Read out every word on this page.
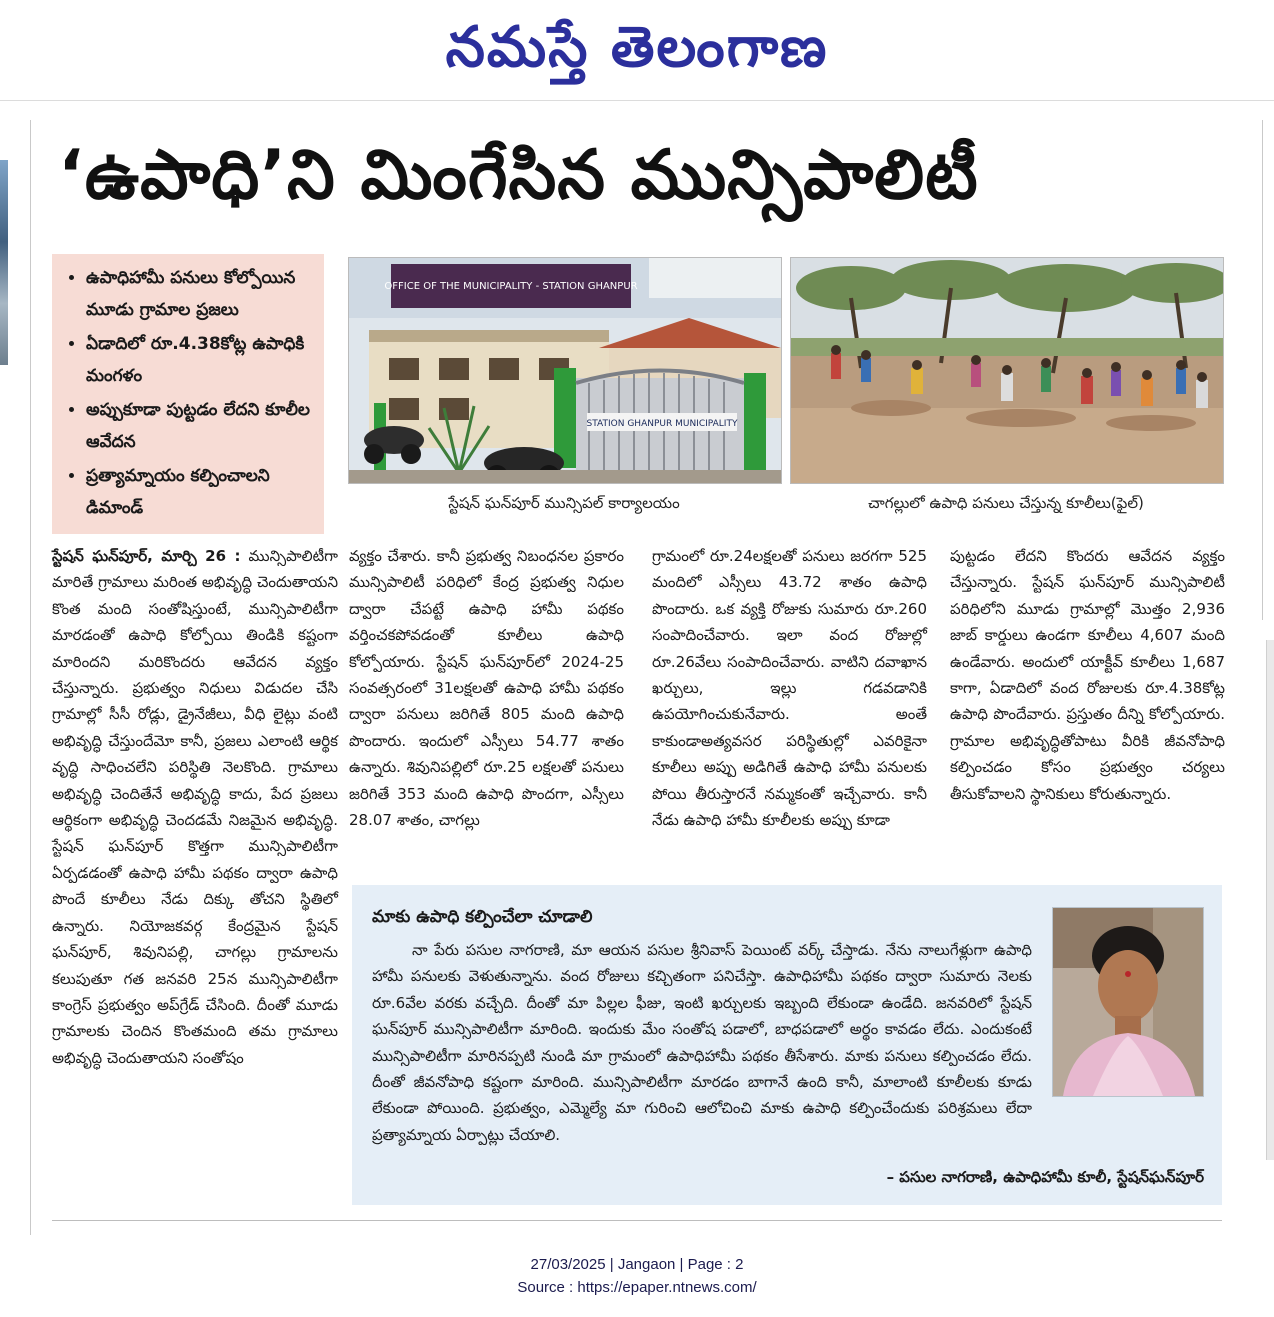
నమస్తే తెలంగాణ
‘ఉపాధి’ని మింగేసిన మున్సిపాలిటీ
• ఉపాధిహామీ పనులు కోల్పోయిన మూడు గ్రామాల ప్రజలు
• ఏడాదిలో రూ.4.38కోట్ల ఉపాధికి మంగళం
• అప్పుకూడా పుట్టడం లేదని కూలీల ఆవేదన
• ప్రత్యామ్నాయం కల్పించాలని డిమాండ్
OFFICE OF THE MUNICIPALITY - STATION GHANPUR
STATION GHANPUR MUNICIPALITY
స్టేషన్ ఘన్‌పూర్ మున్సిపల్ కార్యాలయం	చాగల్లులో ఉపాధి పనులు చేస్తున్న కూలీలు(ఫైల్)
స్టేషన్ ఘన్‌పూర్, మార్చి 26 : మున్సిపాలిటీగా మారితే గ్రామాలు మరింత అభివృద్ధి చెందుతాయని కొంత మంది సంతోషిస్తుంటే, మున్సిపాలిటీగా మారడంతో ఉపాధి కోల్పోయి తిండికి కష్టంగా మారిందని మరికొందరు ఆవేదన వ్యక్తం చేస్తున్నారు. ప్రభుత్వం నిధులు విడుదల చేసి గ్రామాల్లో సీసీ రోడ్లు, డ్రైనేజీలు, వీధి లైట్లు వంటి అభివృద్ధి చేస్తుందేమో కానీ, ప్రజలు ఎలాంటి ఆర్థిక వృద్ధి సాధించలేని పరిస్థితి నెలకొంది. గ్రామాలు అభివృద్ధి చెందితేనే అభివృద్ధి కాదు, పేద ప్రజలు ఆర్థికంగా అభివృద్ధి చెందడమే నిజమైన అభివృద్ధి. స్టేషన్ ఘన్‌పూర్ కొత్తగా మున్సిపాలిటీగా ఏర్పడడంతో ఉపాధి హామీ పథకం ద్వారా ఉపాధి పొందే కూలీలు నేడు దిక్కు తోచని స్థితిలో ఉన్నారు. నియోజకవర్గ కేంద్రమైన స్టేషన్ ఘన్‌పూర్, శివునిపల్లి, చాగల్లు గ్రామాలను కలుపుతూ గత జనవరి 25న మున్సిపాలిటీగా కాంగ్రెస్ ప్రభుత్వం అప్‌గ్రేడ్ చేసింది. దీంతో మూడు గ్రామాలకు చెందిన కొంతమంది తమ గ్రామాలు అభివృద్ధి చెందుతాయని సంతోషం
వ్యక్తం చేశారు. కానీ ప్రభుత్వ నిబంధనల ప్రకారం మున్సిపాలిటీ పరిధిలో కేంద్ర ప్రభుత్వ నిధుల ద్వారా చేపట్టే ఉపాధి హామీ పథకం వర్తించకపోవడంతో కూలీలు ఉపాధి కోల్పోయారు. స్టేషన్ ఘన్‌పూర్‌లో 2024-25 సంవత్సరంలో 31లక్షలతో ఉపాధి హామీ పథకం ద్వారా పనులు జరిగితే 805 మంది ఉపాధి పొందారు. ఇందులో ఎస్సీలు 54.77 శాతం ఉన్నారు. శివునిపల్లిలో రూ.25 లక్షలతో పనులు జరిగితే 353 మంది ఉపాధి పొందగా, ఎస్సీలు 28.07 శాతం, చాగల్లు
గ్రామంలో రూ.24లక్షలతో పనులు జరగగా 525 మందిలో ఎస్సీలు 43.72 శాతం ఉపాధి పొందారు. ఒక వ్యక్తి రోజుకు సుమారు రూ.260 సంపాదించేవారు. ఇలా వంద రోజుల్లో రూ.26వేలు సంపాదించేవారు. వాటిని దవాఖాన ఖర్చులు, ఇల్లు గడవడానికి ఉపయోగించుకునేవారు. అంతే కాకుండాఅత్యవసర పరిస్థితుల్లో ఎవరికైనా కూలీలు అప్పు అడిగితే ఉపాధి హామీ పనులకు పోయి తీరుస్తారనే నమ్మకంతో ఇచ్చేవారు. కానీ నేడు ఉపాధి హామీ కూలీలకు అప్పు కూడా
పుట్టడం లేదని కొందరు ఆవేదన వ్యక్తం చేస్తున్నారు. స్టేషన్ ఘన్‌పూర్ మున్సిపాలిటీ పరిధిలోని మూడు గ్రామాల్లో మొత్తం 2,936 జాబ్ కార్డులు ఉండగా కూలీలు 4,607 మంది ఉండేవారు. అందులో యాక్టీవ్ కూలీలు 1,687 కాగా, ఏడాదిలో వంద రోజులకు రూ.4.38కోట్ల ఉపాధి పొందేవారు. ప్రస్తుతం దీన్ని కోల్పోయారు. గ్రామాల అభివృద్ధితోపాటు వీరికి జీవనోపాధి కల్పించడం కోసం ప్రభుత్వం చర్యలు తీసుకోవాలని స్థానికులు కోరుతున్నారు.
మాకు ఉపాధి కల్పించేలా చూడాలి
నా పేరు పసుల నాగరాణి, మా ఆయన పసుల శ్రీనివాస్ పెయింట్ వర్క్ చేస్తాడు. నేను నాలుగేళ్లుగా ఉపాధి హామీ పనులకు వెళుతున్నాను. వంద రోజులు కచ్చితంగా పనిచేస్తా. ఉపాధిహామీ పథకం ద్వారా సుమారు నెలకు రూ.6వేల వరకు వచ్చేది. దీంతో మా పిల్లల ఫీజు, ఇంటి ఖర్చులకు ఇబ్బంది లేకుండా ఉండేది. జనవరిలో స్టేషన్ ఘన్‌పూర్ మున్సిపాలిటీగా మారింది. ఇందుకు మేం సంతోష పడాలో, బాధపడాలో అర్థం కావడం లేదు. ఎందుకంటే మున్సిపాలిటీగా మారినప్పటి నుండి మా గ్రామంలో ఉపాధిహామీ పథకం తీసేశారు. మాకు పనులు కల్పించడం లేదు. దీంతో జీవనోపాధి కష్టంగా మారింది. మున్సిపాలిటీగా మారడం బాగానే ఉంది కానీ, మాలాంటి కూలీలకు కూడు లేకుండా పోయింది. ప్రభుత్వం, ఎమ్మెల్యే మా గురించి ఆలోచించి మాకు ఉపాధి కల్పించేందుకు పరిశ్రమలు లేదా ప్రత్యామ్నాయ ఏర్పాట్లు చేయాలి.
– పసుల నాగరాణి, ఉపాధిహామీ కూలీ, స్టేషన్‌ఘన్‌పూర్
27/03/2025 | Jangaon | Page : 2
Source : https://epaper.ntnews.com/
